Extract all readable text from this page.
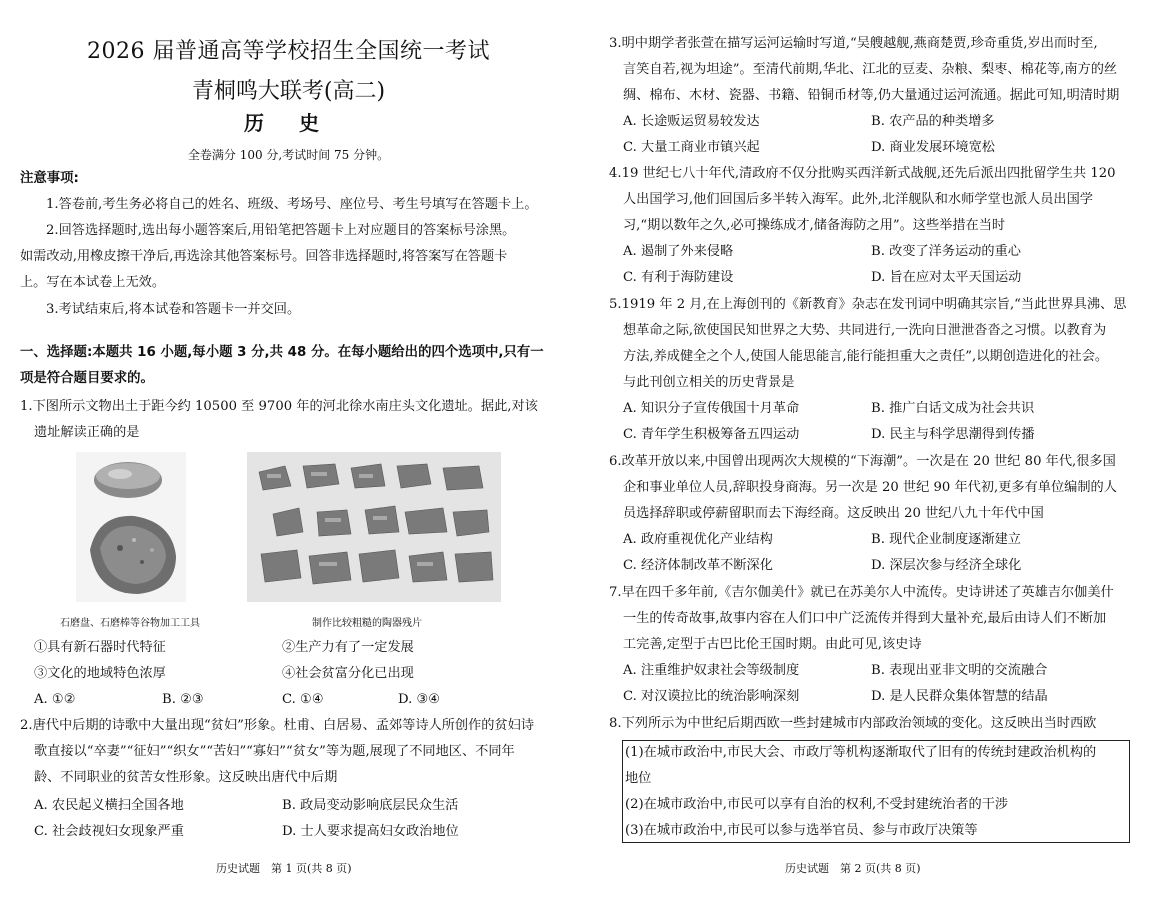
2026 届普通高等学校招生全国统一考试
青桐鸣大联考(高二)
历 史
全卷满分 100 分,考试时间 75 分钟。
注意事项:
1.答卷前,考生务必将自己的姓名、班级、考场号、座位号、考生号填写在答题卡上。
2.回答选择题时,选出每小题答案后,用铅笔把答题卡上对应题目的答案标号涂黑。
如需改动,用橡皮擦干净后,再选涂其他答案标号。回答非选择题时,将答案写在答题卡
上。写在本试卷上无效。
3.考试结束后,将本试卷和答题卡一并交回。
一、选择题:本题共 16 小题,每小题 3 分,共 48 分。在每小题给出的四个选项中,只有一
项是符合题目要求的。
1.下图所示文物出土于距今约 10500 至 9700 年的河北徐水南庄头文化遗址。据此,对该
遗址解读正确的是
石磨盘、石磨棒等谷物加工工具	制作比较粗糙的陶器残片
①具有新石器时代特征	②生产力有了一定发展
③文化的地域特色浓厚	④社会贫富分化已出现
A. ①②	B. ②③	C. ①④	D. ③④
2.唐代中后期的诗歌中大量出现“贫妇”形象。杜甫、白居易、孟郊等诗人所创作的贫妇诗
歌直接以“卒妻”“征妇”“织女”“苦妇”“寡妇”“贫女”等为题,展现了不同地区、不同年
龄、不同职业的贫苦女性形象。这反映出唐代中后期
A. 农民起义横扫全国各地	B. 政局变动影响底层民众生活
C. 社会歧视妇女现象严重	D. 士人要求提高妇女政治地位
历史试题　第 1 页(共 8 页)
3.明中期学者张萱在描写运河运输时写道,“吴艘越舰,燕商楚贾,珍奇重货,岁出而时至,
言笑自若,视为坦途”。至清代前期,华北、江北的豆麦、杂粮、梨枣、棉花等,南方的丝
绸、棉布、木材、瓷器、书籍、铅铜币材等,仍大量通过运河流通。据此可知,明清时期
A. 长途贩运贸易较发达	B. 农产品的种类增多
C. 大量工商业市镇兴起	D. 商业发展环境宽松
4.19 世纪七八十年代,清政府不仅分批购买西洋新式战舰,还先后派出四批留学生共 120
人出国学习,他们回国后多半转入海军。此外,北洋舰队和水师学堂也派人员出国学
习,“期以数年之久,必可操练成才,储备海防之用”。这些举措在当时
A. 遏制了外来侵略	B. 改变了洋务运动的重心
C. 有利于海防建设	D. 旨在应对太平天国运动
5.1919 年 2 月,在上海创刊的《新教育》杂志在发刊词中明确其宗旨,“当此世界具沸、思
想革命之际,欲使国民知世界之大势、共同进行,一洗向日泄泄沓沓之习惯。以教育为
方法,养成健全之个人,使国人能思能言,能行能担重大之责任”,以期创造进化的社会。
与此刊创立相关的历史背景是
A. 知识分子宣传俄国十月革命	B. 推广白话文成为社会共识
C. 青年学生积极筹备五四运动	D. 民主与科学思潮得到传播
6.改革开放以来,中国曾出现两次大规模的“下海潮”。一次是在 20 世纪 80 年代,很多国
企和事业单位人员,辞职投身商海。另一次是 20 世纪 90 年代初,更多有单位编制的人
员选择辞职或停薪留职而去下海经商。这反映出 20 世纪八九十年代中国
A. 政府重视优化产业结构	B. 现代企业制度逐渐建立
C. 经济体制改革不断深化	D. 深层次参与经济全球化
7.早在四千多年前,《吉尔伽美什》就已在苏美尔人中流传。史诗讲述了英雄吉尔伽美什
一生的传奇故事,故事内容在人们口中广泛流传并得到大量补充,最后由诗人们不断加
工完善,定型于古巴比伦王国时期。由此可见,该史诗
A. 注重维护奴隶社会等级制度	B. 表现出亚非文明的交流融合
C. 对汉谟拉比的统治影响深刻	D. 是人民群众集体智慧的结晶
8.下列所示为中世纪后期西欧一些封建城市内部政治领域的变化。这反映出当时西欧
历史试题　第 2 页(共 8 页)
(1)在城市政治中,市民大会、市政厅等机构逐渐取代了旧有的传统封建政治机构的
地位
(2)在城市政治中,市民可以享有自治的权利,不受封建统治者的干涉
(3)在城市政治中,市民可以参与选举官员、参与市政厅决策等
